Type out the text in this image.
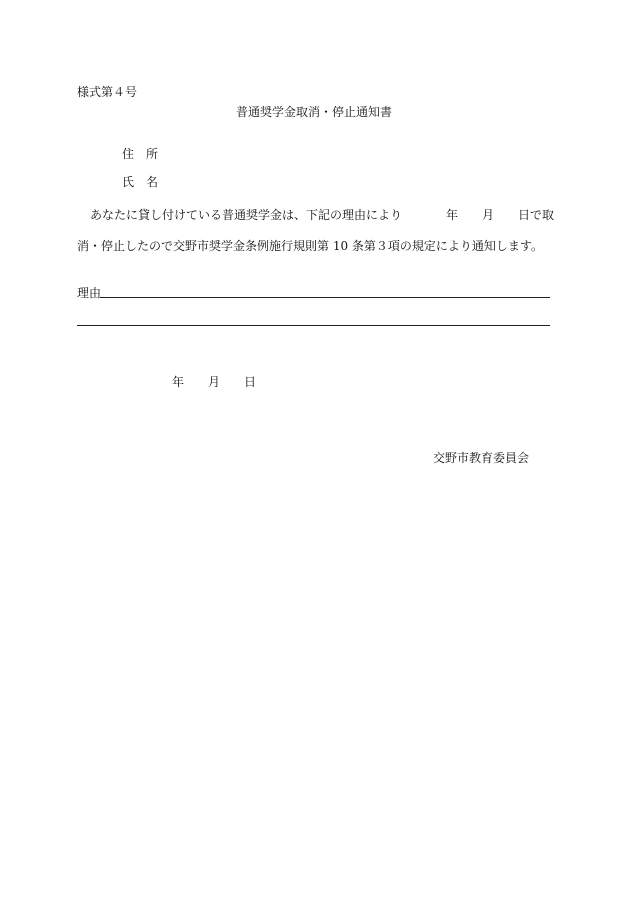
様式第４号
普通奨学金取消・停止通知書
住 所
氏 名
あなたに貸し付けている普通奨学金は、下記の理由により	年 月 日で取
消・停止したので交野市奨学金条例施行規則第 10 条第３項の規定により通知します。
理由
年 月 日
交野市教育委員会
